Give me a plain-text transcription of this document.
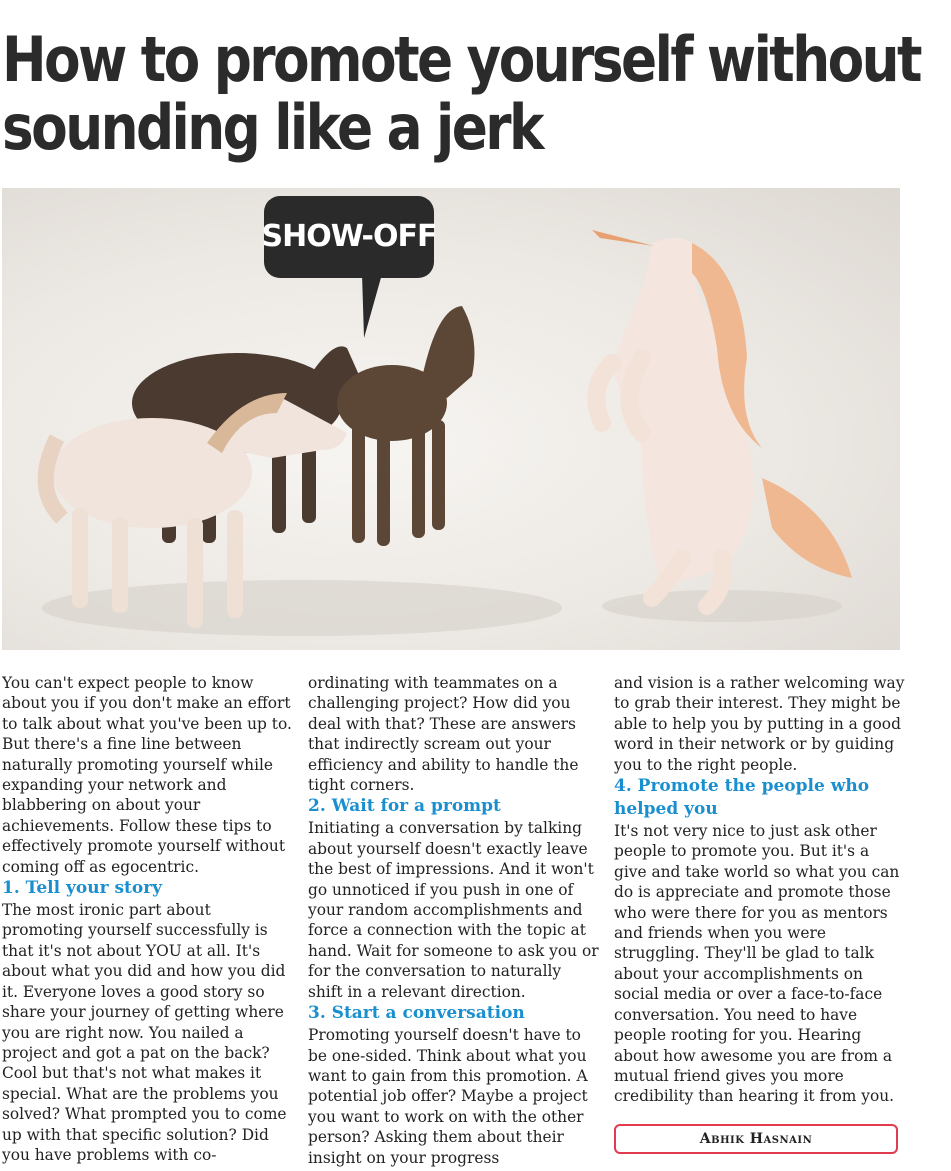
How to promote yourself without
sounding like a jerk
SHOW-OFF

You can't expect people to know about you if you don't make an effort to talk about what you've been up to. But there's a fine line between naturally promoting yourself while expanding your network and blabbering on about your achievements. Follow these tips to effectively promote yourself without coming off as egocentric.

1. Tell your story

The most ironic part about promoting yourself successfully is that it's not about YOU at all. It's about what you did and how you did it. Everyone loves a good story so share your journey of getting where you are right now. You nailed a project and got a pat on the back? Cool but that's not what makes it special. What are the problems you solved? What prompted you to come up with that specific solution? Did you have problems with co-

ordinating with teammates on a challenging project? How did you deal with that? These are answers that indirectly scream out your efficiency and ability to handle the tight corners.

2. Wait for a prompt

Initiating a conversation by talking about yourself doesn't exactly leave the best of impressions. And it won't go unnoticed if you push in one of your random accomplishments and force a connection with the topic at hand. Wait for someone to ask you or for the conversation to naturally shift in a relevant direction.

3. Start a conversation

Promoting yourself doesn't have to be one-sided. Think about what you want to gain from this promotion. A potential job offer? Maybe a project you want to work on with the other person? Asking them about their insight on your progress

and vision is a rather welcoming way to grab their interest. They might be able to help you by putting in a good word in their network or by guiding you to the right people.

4. Promote the people who helped you

It's not very nice to just ask other people to promote you. But it's a give and take world so what you can do is appreciate and promote those who were there for you as mentors and friends when you were struggling. They'll be glad to talk about your accomplishments on social media or over a face-to-face conversation. You need to have people rooting for you. Hearing about how awesome you are from a mutual friend gives you more credibility than hearing it from you.

Abhik Hasnain
